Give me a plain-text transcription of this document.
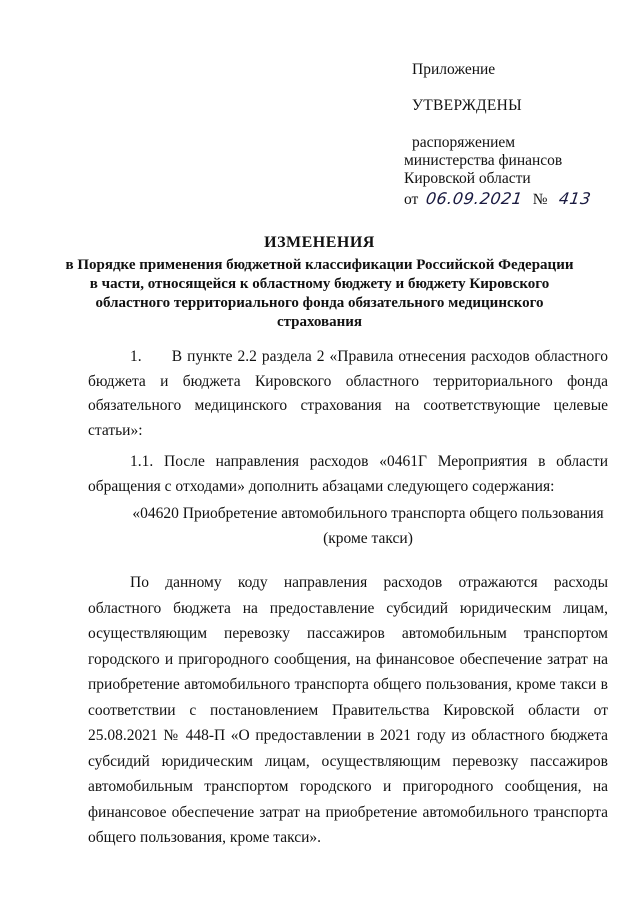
Приложение
УТВЕРЖДЕНЫ
распоряжением
министерства финансов
Кировской области
от 06.09.2021 № 413
ИЗМЕНЕНИЯ
в Порядке применения бюджетной классификации Российской Федерации в части, относящейся к областному бюджету и бюджету Кировского областного территориального фонда обязательного медицинского страхования
1.      В пункте 2.2 раздела 2 «Правила отнесения расходов областного бюджета и бюджета Кировского областного территориального фонда обязательного медицинского страхования на соответствующие целевые статьи»:
1.1. После направления расходов «0461Г Мероприятия в области обращения с отходами» дополнить абзацами следующего содержания:
«04620 Приобретение автомобильного транспорта общего пользования (кроме такси)
По данному коду направления расходов отражаются расходы областного бюджета на предоставление субсидий юридическим лицам, осуществляющим перевозку пассажиров автомобильным транспортом городского и пригородного сообщения, на финансовое обеспечение затрат на приобретение автомобильного транспорта общего пользования, кроме такси в соответствии с постановлением Правительства Кировской области от 25.08.2021 № 448-П «О предоставлении в 2021 году из областного бюджета субсидий юридическим лицам, осуществляющим перевозку пассажиров автомобильным транспортом городского и пригородного сообщения, на финансовое обеспечение затрат на приобретение автомобильного транспорта общего пользования, кроме такси».
